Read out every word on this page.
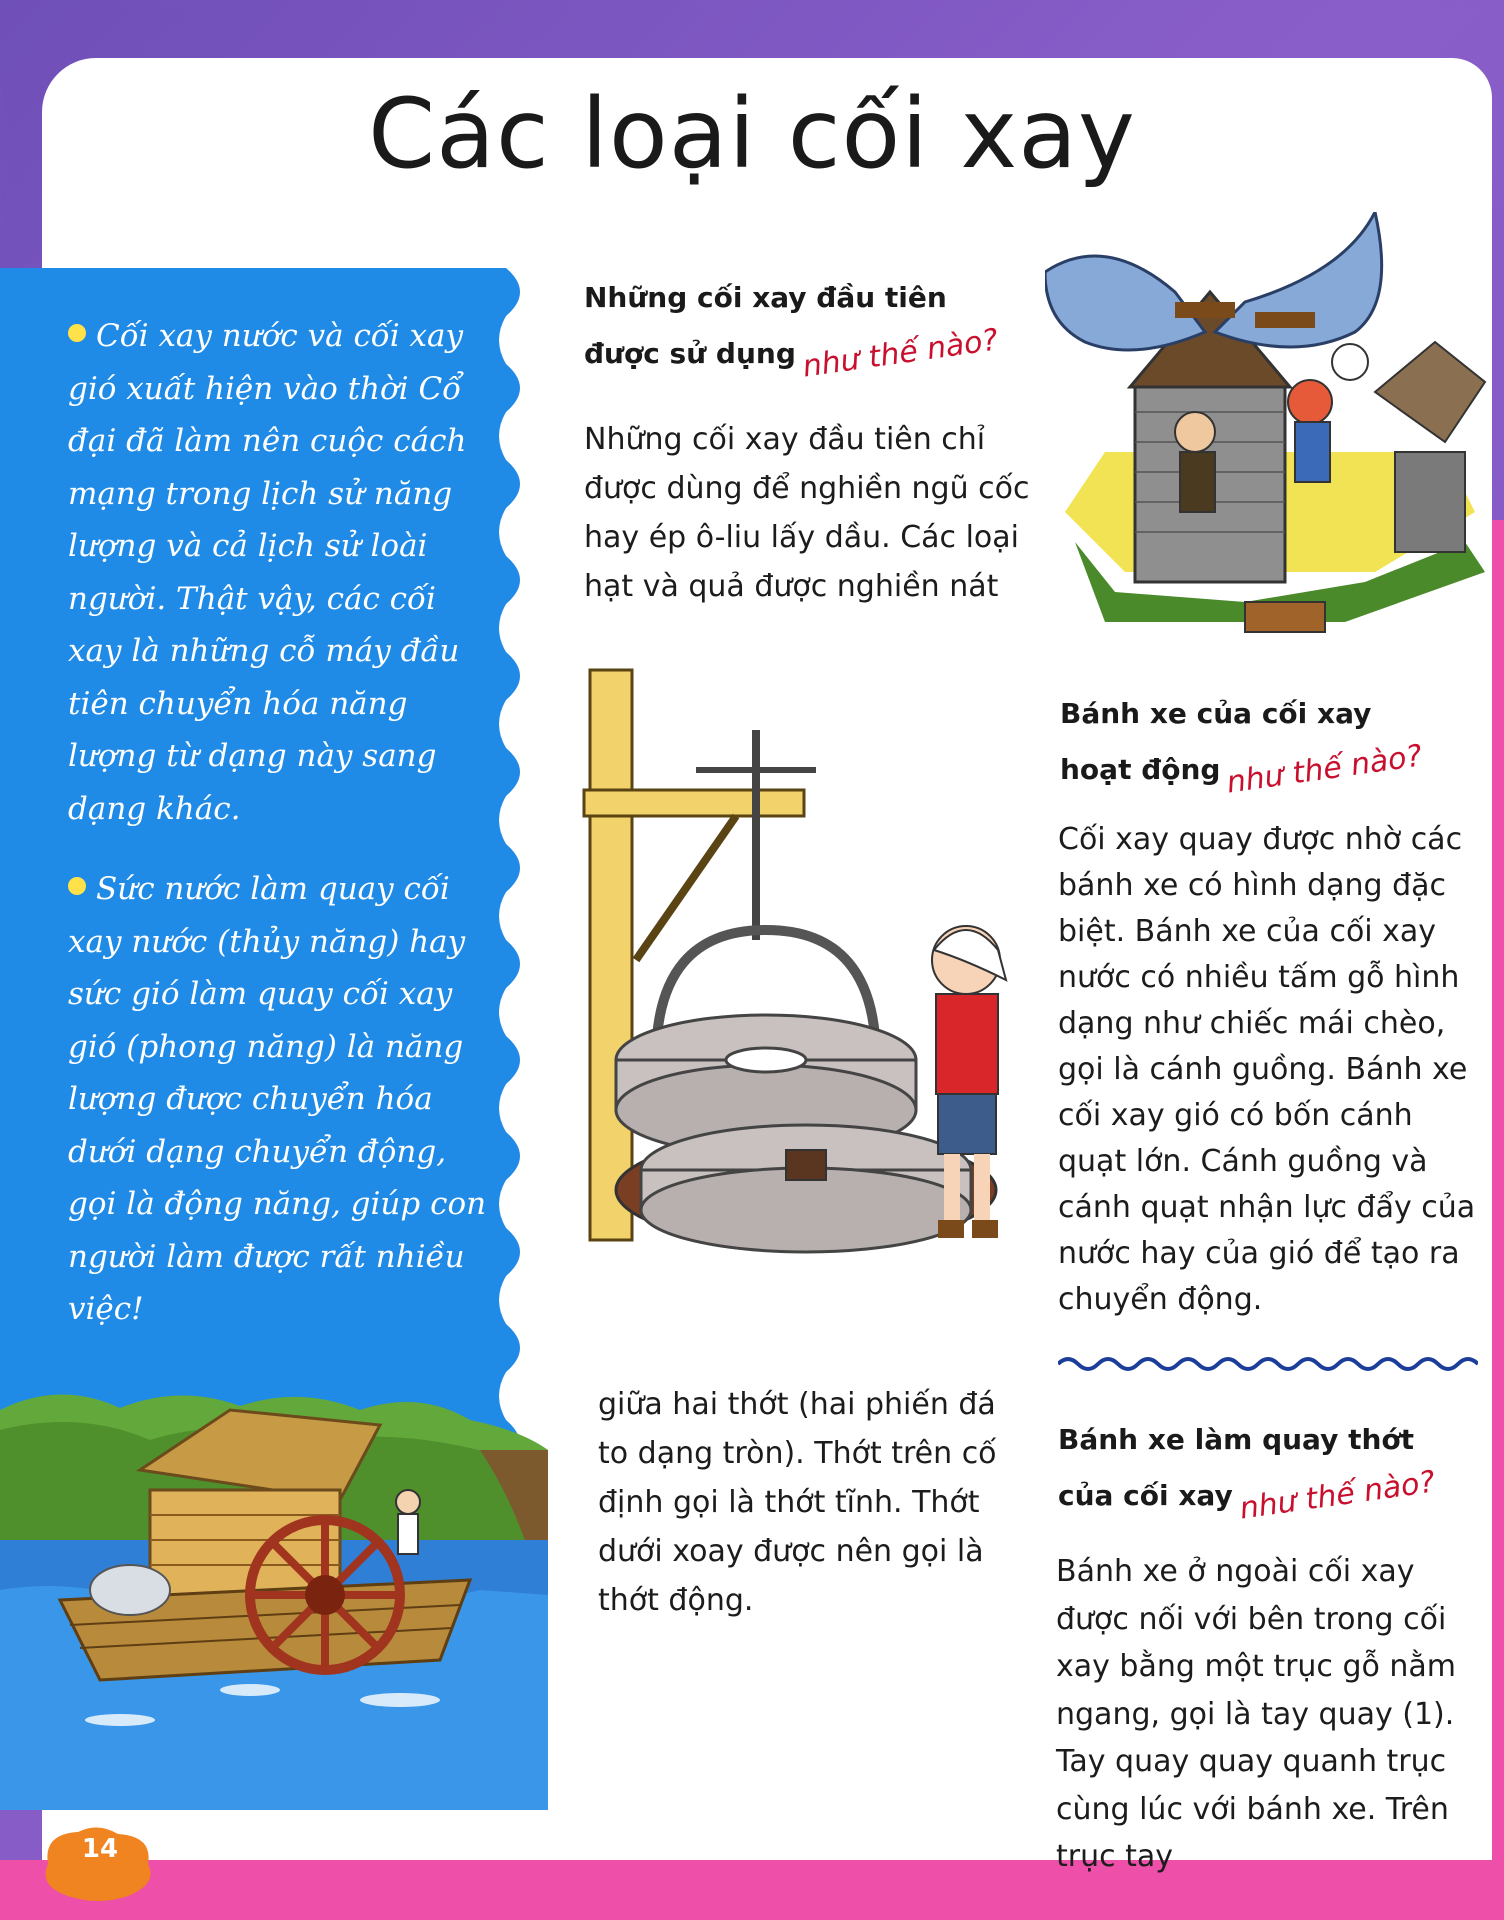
Các loại cối xay

Cối xay nước và cối xay gió xuất hiện vào thời Cổ đại đã làm nên cuộc cách mạng trong lịch sử năng lượng và cả lịch sử loài người. Thật vậy, các cối xay là những cỗ máy đầu tiên chuyển hóa năng lượng từ dạng này sang dạng khác.

Sức nước làm quay cối xay nước (thủy năng) hay sức gió làm quay cối xay gió (phong năng) là năng lượng được chuyển hóa dưới dạng chuyển động, gọi là động năng, giúp con người làm được rất nhiều việc!

14
Những cối xay đầu tiên
được sử dụng như thế nào?
Những cối xay đầu tiên chỉ được dùng để nghiền ngũ cốc hay ép ô-liu lấy dầu. Các loại hạt và quả được nghiền nát
giữa hai thớt (hai phiến đá to dạng tròn). Thớt trên cố định gọi là thớt tĩnh. Thớt dưới xoay được nên gọi là thớt động.
Bánh xe của cối xay
hoạt động như thế nào?
Cối xay quay được nhờ các bánh xe có hình dạng đặc biệt. Bánh xe của cối xay nước có nhiều tấm gỗ hình dạng như chiếc mái chèo, gọi là cánh guồng. Bánh xe cối xay gió có bốn cánh quạt lớn. Cánh guồng và cánh quạt nhận lực đẩy của nước hay của gió để tạo ra chuyển động.
Bánh xe làm quay thớt
của cối xay như thế nào?
Bánh xe ở ngoài cối xay được nối với bên trong cối xay bằng một trục gỗ nằm ngang, gọi là tay quay (1). Tay quay quay quanh trục cùng lúc với bánh xe. Trên trục tay
